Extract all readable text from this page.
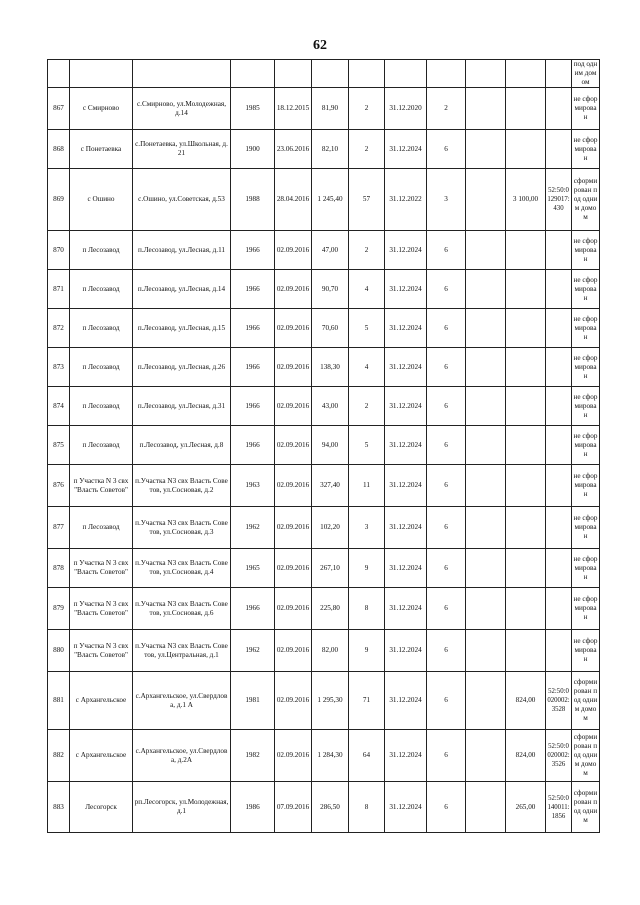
62
												под одним домом
867	с Смирново	с.Смирново, ул.Молодежная, д.14	1985	18.12.2015	81,90	2	31.12.2020	2				не сформирован
868	с Понетаевка	с.Понетаевка, ул.Школьная, д.21	1900	23.06.2016	82,10	2	31.12.2024	6				не сформирован
869	с Ошино	с.Ошино, ул.Советская, д.53	1988	28.04.2016	1 245,40	57	31.12.2022	3		3 100,00	52:50:0129017:430	сформирован под одним домом
870	п Лесозавод	п.Лесозавод, ул.Лесная, д.11	1966	02.09.2016	47,00	2	31.12.2024	6				не сформирован
871	п Лесозавод	п.Лесозавод, ул.Лесная, д.14	1966	02.09.2016	90,70	4	31.12.2024	6				не сформирован
872	п Лесозавод	п.Лесозавод, ул.Лесная, д.15	1966	02.09.2016	70,60	5	31.12.2024	6				не сформирован
873	п Лесозавод	п.Лесозавод, ул.Лесная, д.26	1966	02.09.2016	138,30	4	31.12.2024	6				не сформирован
874	п Лесозавод	п.Лесозавод, ул.Лесная, д.31	1966	02.09.2016	43,00	2	31.12.2024	6				не сформирован
875	п Лесозавод	п.Лесозавод, ул.Лесная, д.8	1966	02.09.2016	94,00	5	31.12.2024	6				не сформирован
876	п Участка N 3 свх "Власть Советов"	п.Участка N3 свх Власть Советов, ул.Сосновая, д.2	1963	02.09.2016	327,40	11	31.12.2024	6				не сформирован
877	п Лесозавод	п.Участка N3 свх Власть Советов, ул.Сосновая, д.3	1962	02.09.2016	102,20	3	31.12.2024	6				не сформирован
878	п Участка N 3 свх "Власть Советов"	п.Участка N3 свх Власть Советов, ул.Сосновая, д.4	1965	02.09.2016	267,10	9	31.12.2024	6				не сформирован
879	п Участка N 3 свх "Власть Советов"	п.Участка N3 свх Власть Советов, ул.Сосновая, д.6	1966	02.09.2016	225,80	8	31.12.2024	6				не сформирован
880	п Участка N 3 свх "Власть Советов"	п.Участка N3 свх Власть Советов, ул.Центральная, д.1	1962	02.09.2016	82,00	9	31.12.2024	6				не сформирован
881	с Архангельское	с.Архангельское, ул.Свердлова, д.1 А	1981	02.09.2016	1 295,30	71	31.12.2024	6		824,00	52:50:0020002:3528	сформирован под одним домом
882	с Архангельское	с.Архангельское, ул.Свердлова, д.2А	1982	02.09.2016	1 284,30	64	31.12.2024	6		824,00	52:50:0020002:3526	сформирован под одним домом
883	Лесогорск	рп.Лесогорск, ул.Молодежная, д.1	1986	07.09.2016	286,50	8	31.12.2024	6		265,00	52:50:0140011:1856	сформирован под одним
